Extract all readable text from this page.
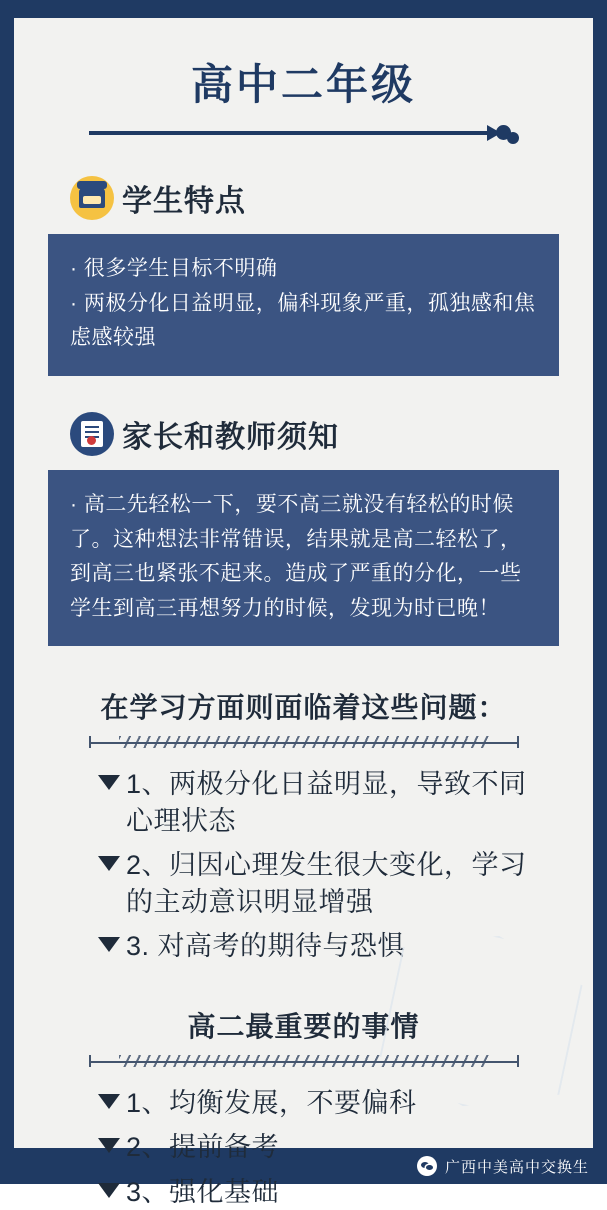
高中二年级
学生特点

· 很多学生目标不明确

· 两极分化日益明显，偏科现象严重，孤独感和焦虑感较强

家长和教师须知

· 高二先轻松一下，要不高三就没有轻松的时候了。这种想法非常错误，结果就是高二轻松了，到高三也紧张不起来。造成了严重的分化，一些学生到高三再想努力的时候，发现为时已晚！

在学习方面则面临着这些问题：
1、两极分化日益明显，导致不同心理状态
2、归因心理发生很大变化，学习的主动意识明显增强
3. 对高考的期待与恐惧
高二最重要的事情
1、均衡发展，不要偏科
2、提前备考
3、强化基础
广西中美高中交换生
